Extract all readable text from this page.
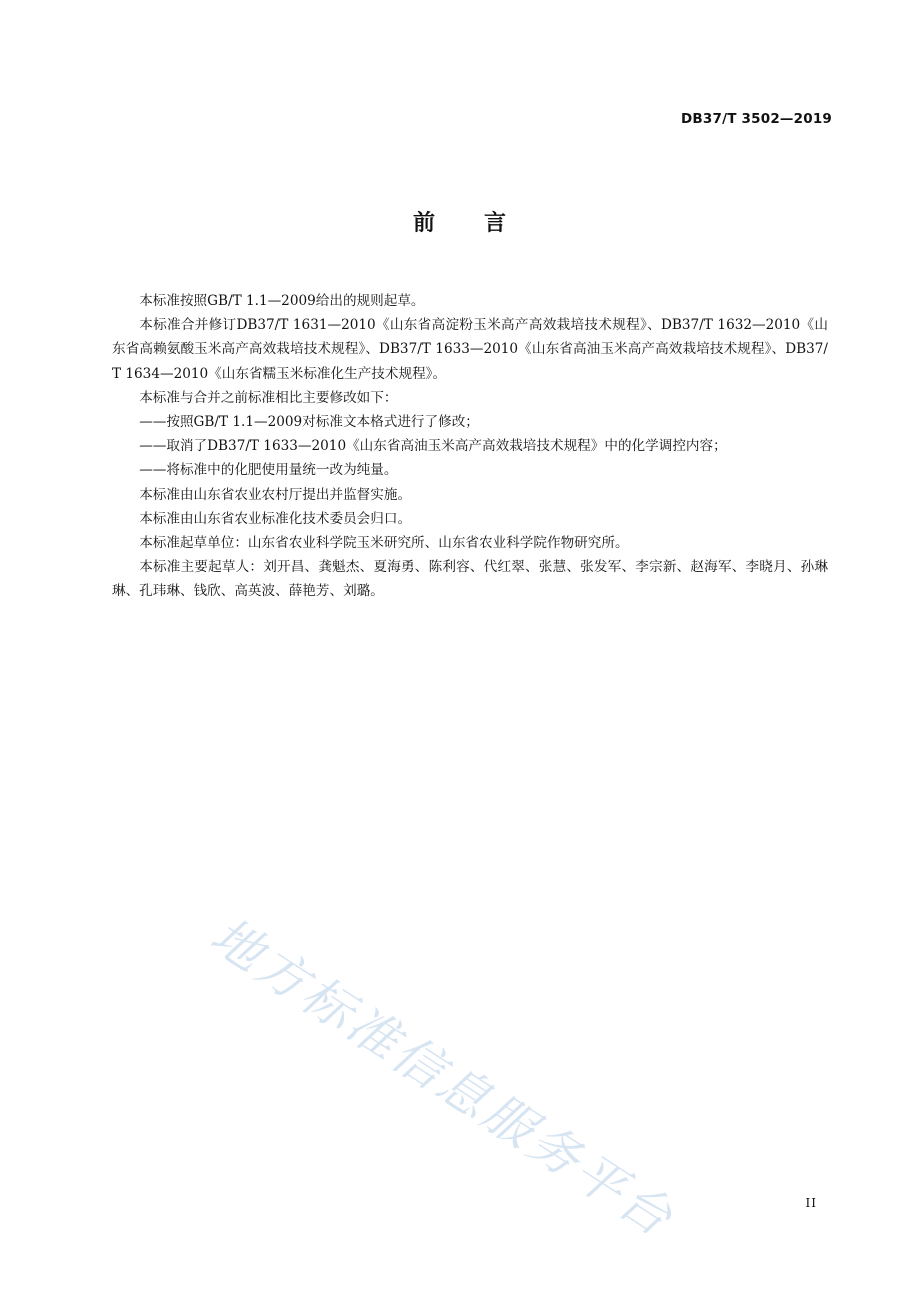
DB37/T 3502—2019
前 言

本标准按照GB/T 1.1—2009给出的规则起草。

本标准合并修订DB37/T 1631—2010《山东省高淀粉玉米高产高效栽培技术规程》、DB37/T 1632—2010《山东省高赖氨酸玉米高产高效栽培技术规程》、DB37/T 1633—2010《山东省高油玉米高产高效栽培技术规程》、DB37/T 1634—2010《山东省糯玉米标准化生产技术规程》。

本标准与合并之前标准相比主要修改如下：

——按照GB/T 1.1—2009对标准文本格式进行了修改；

——取消了DB37/T 1633—2010《山东省高油玉米高产高效栽培技术规程》中的化学调控内容；

——将标准中的化肥使用量统一改为纯量。

本标准由山东省农业农村厅提出并监督实施。

本标准由山东省农业标准化技术委员会归口。

本标准起草单位：山东省农业科学院玉米研究所、山东省农业科学院作物研究所。

本标准主要起草人：刘开昌、龚魁杰、夏海勇、陈利容、代红翠、张慧、张发军、李宗新、赵海军、李晓月、孙琳琳、孔玮琳、钱欣、高英波、薛艳芳、刘璐。

地方标准信息服务平台	II
